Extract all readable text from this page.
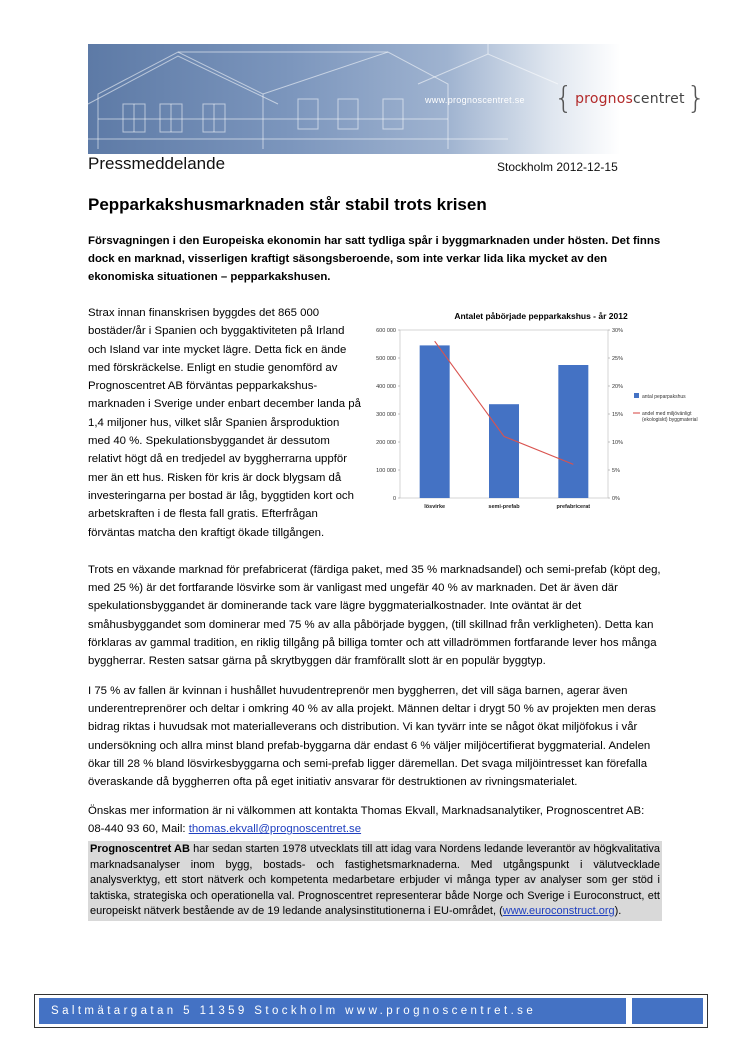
www.prognoscentret.se { prognoscentret }
Pressmeddelande	Stockholm 2012-12-15
Pepparkakshusmarknaden står stabil trots krisen

Försvagningen i den Europeiska ekonomin har satt tydliga spår i byggmarknaden under hösten. Det finns dock en marknad, visserligen kraftigt säsongsberoende, som inte verkar lida lika mycket av den ekonomiska situationen – pepparkakshusen.

Strax innan finanskrisen byggdes det 865 000 bostäder/år i Spanien och byggaktiviteten på Irland och Island var inte mycket lägre. Detta fick en ände med förskräckelse. Enligt en studie genomförd av Prognoscentret AB förväntas pepparkakshus-marknaden i Sverige under enbart december landa på 1,4 miljoner hus, vilket slår Spanien årsproduktion med 40 %. Spekulationsbyggandet är dessutom relativt högt då en tredjedel av byggherrarna uppför mer än ett hus. Risken för kris är dock blygsam då investeringarna per bostad är låg, byggtiden kort och arbetskraften i de flesta fall gratis. Efterfrågan förväntas matcha den kraftigt ökade tillgången.

Antalet påbörjade pepparkakshus - år 2012
0
100 000
200 000
300 000
400 000
500 000
600 000
0%
5%
10%
15%
20%
25%
30%
lösvirke	semi-prefab	prefabricerat
antal peparpakshus
andel med miljövänligt
(ekologiskt) byggmaterial

Trots en växande marknad för prefabricerat (färdiga paket, med 35 % marknadsandel) och semi-prefab (köpt deg, med 25 %) är det fortfarande lösvirke som är vanligast med ungefär 40 % av marknaden. Det är även där spekulationsbyggandet är dominerande tack vare lägre byggmaterialkostnader. Inte oväntat är det småhusbyggandet som dominerar med 75 % av alla påbörjade byggen, (till skillnad från verkligheten). Detta kan förklaras av gammal tradition, en riklig tillgång på billiga tomter och att villadrömmen fortfarande lever hos många byggherrar. Resten satsar gärna på skrytbyggen där framförallt slott är en populär byggtyp.

I 75 % av fallen är kvinnan i hushållet huvudentreprenör men byggherren, det vill säga barnen, agerar även underentreprenörer och deltar i omkring 40 % av alla projekt. Männen deltar i drygt 50 % av projekten men deras bidrag riktas i huvudsak mot materialleverans och distribution. Vi kan tyvärr inte se något ökat miljöfokus i vår undersökning och allra minst bland prefab-byggarna där endast 6 % väljer miljöcertifierat byggmaterial. Andelen ökar till 28 % bland lösvirkesbyggarna och semi-prefab ligger däremellan. Det svaga miljöintresset kan förefalla överaskande då byggherren ofta på eget initiativ ansvarar för destruktionen av rivningsmaterialet.

Önskas mer information är ni välkommen att kontakta Thomas Ekvall, Marknadsanalytiker, Prognoscentret AB: 08-440 93 60, Mail: thomas.ekvall@prognoscentret.se

Prognoscentret AB har sedan starten 1978 utvecklats till att idag vara Nordens ledande leverantör av högkvalitativa marknadsanalyser inom bygg, bostads- och fastighetsmarknaderna. Med utgångspunkt i välutvecklade analysverktyg, ett stort nätverk och kompetenta medarbetare erbjuder vi många typer av analyser som ger stöd i taktiska, strategiska och operationella val. Prognoscentret representerar både Norge och Sverige i Euroconstruct, ett europeiskt nätverk bestående av de 19 ledande analysinstitutionerna i EU-området, (www.euroconstruct.org).

Saltmätargatan 5 11359 Stockholm www.prognoscentret.se
